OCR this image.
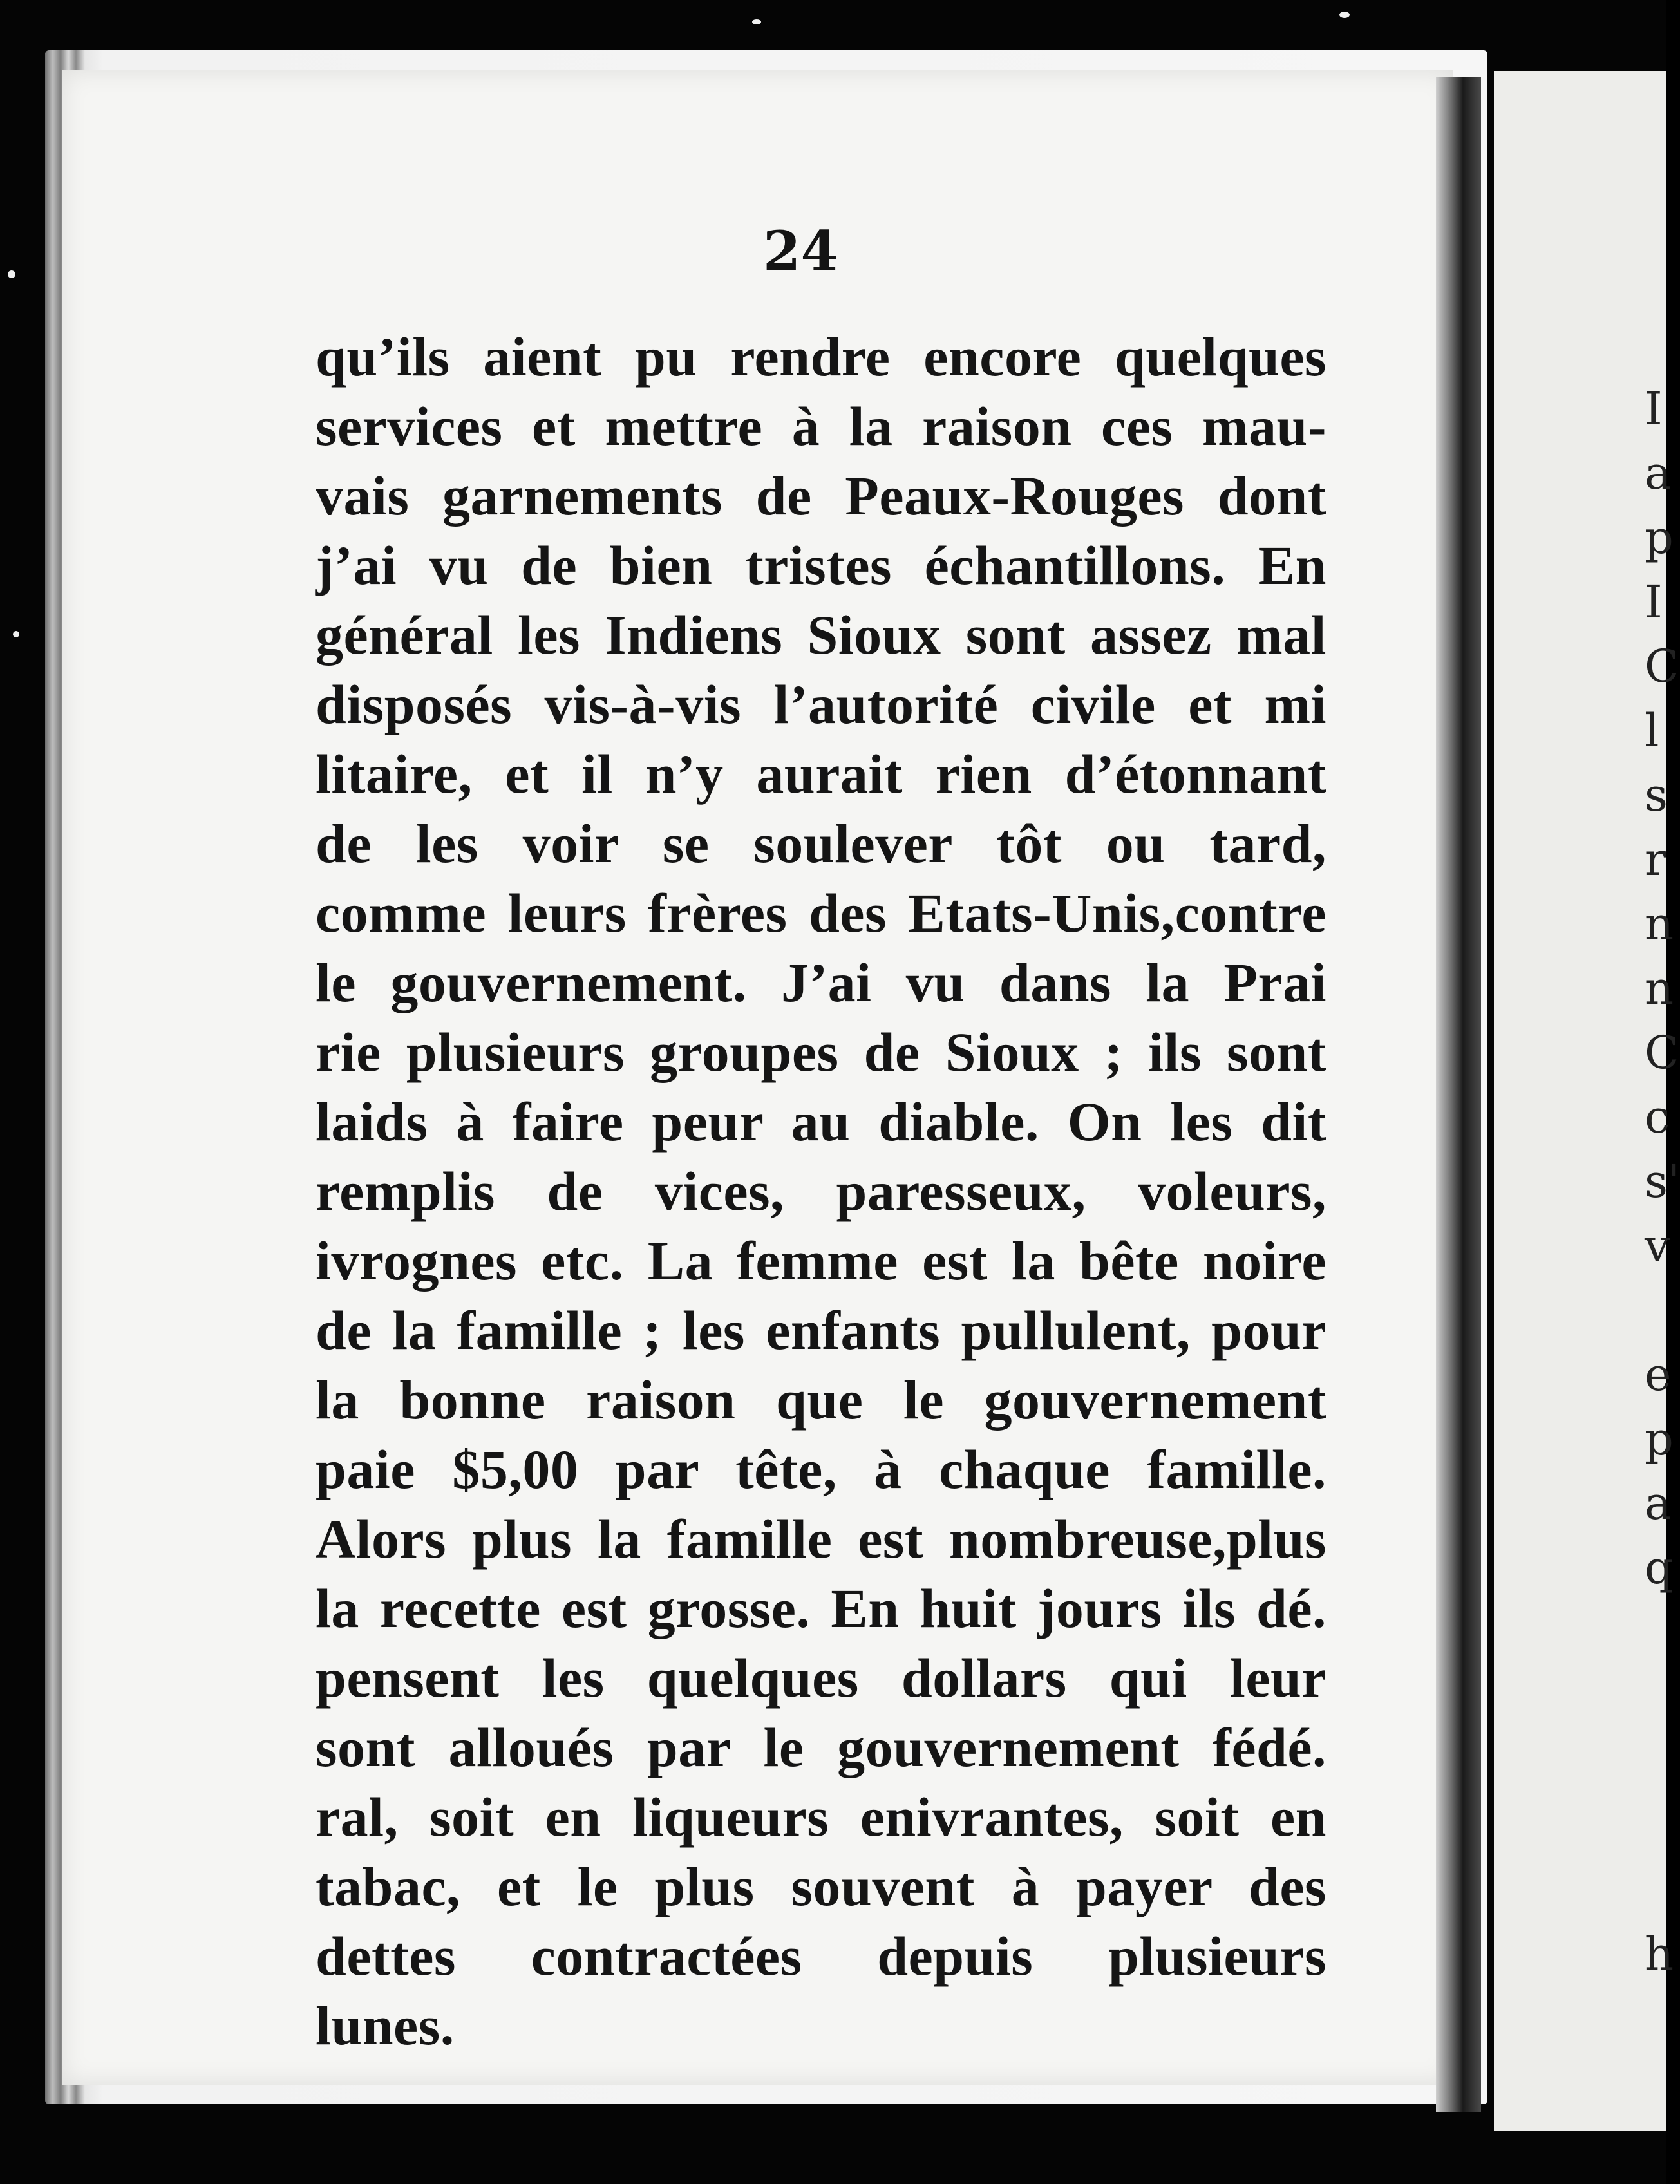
24
qu’ils aient pu rendre encore quelques
services et mettre à la raison ces mau-
vais garnements de Peaux-Rouges dont
j’ai vu de bien tristes échantillons. En
général les Indiens Sioux sont assez mal
disposés vis-à-vis l’autorité civile et mi
litaire, et il n’y aurait rien d’étonnant
de les voir se soulever tôt ou tard,
comme leurs frères des Etats-Unis,contre
le gouvernement. J’ai vu dans la Prai
rie plusieurs groupes de Sioux ; ils sont
laids à faire peur au diable. On les dit
remplis de vices, paresseux, voleurs,
ivrognes etc. La femme est la bête noire
de la famille ; les enfants pullulent, pour
la bonne raison que le gouvernement
paie $5,00 par tête, à chaque famille.
Alors plus la famille est nombreuse,plus
la recette est grosse. En huit jours ils dé.
pensent les quelques dollars qui leur
sont alloués par le gouvernement fédé.
ral, soit en liqueurs enivrantes, soit en
tabac, et le plus souvent à payer des
dettes contractées depuis plusieurs
lunes.
I
a
p
I
C
l
s
r
n
n
C
c
s'
v
e
p
a
q
h
